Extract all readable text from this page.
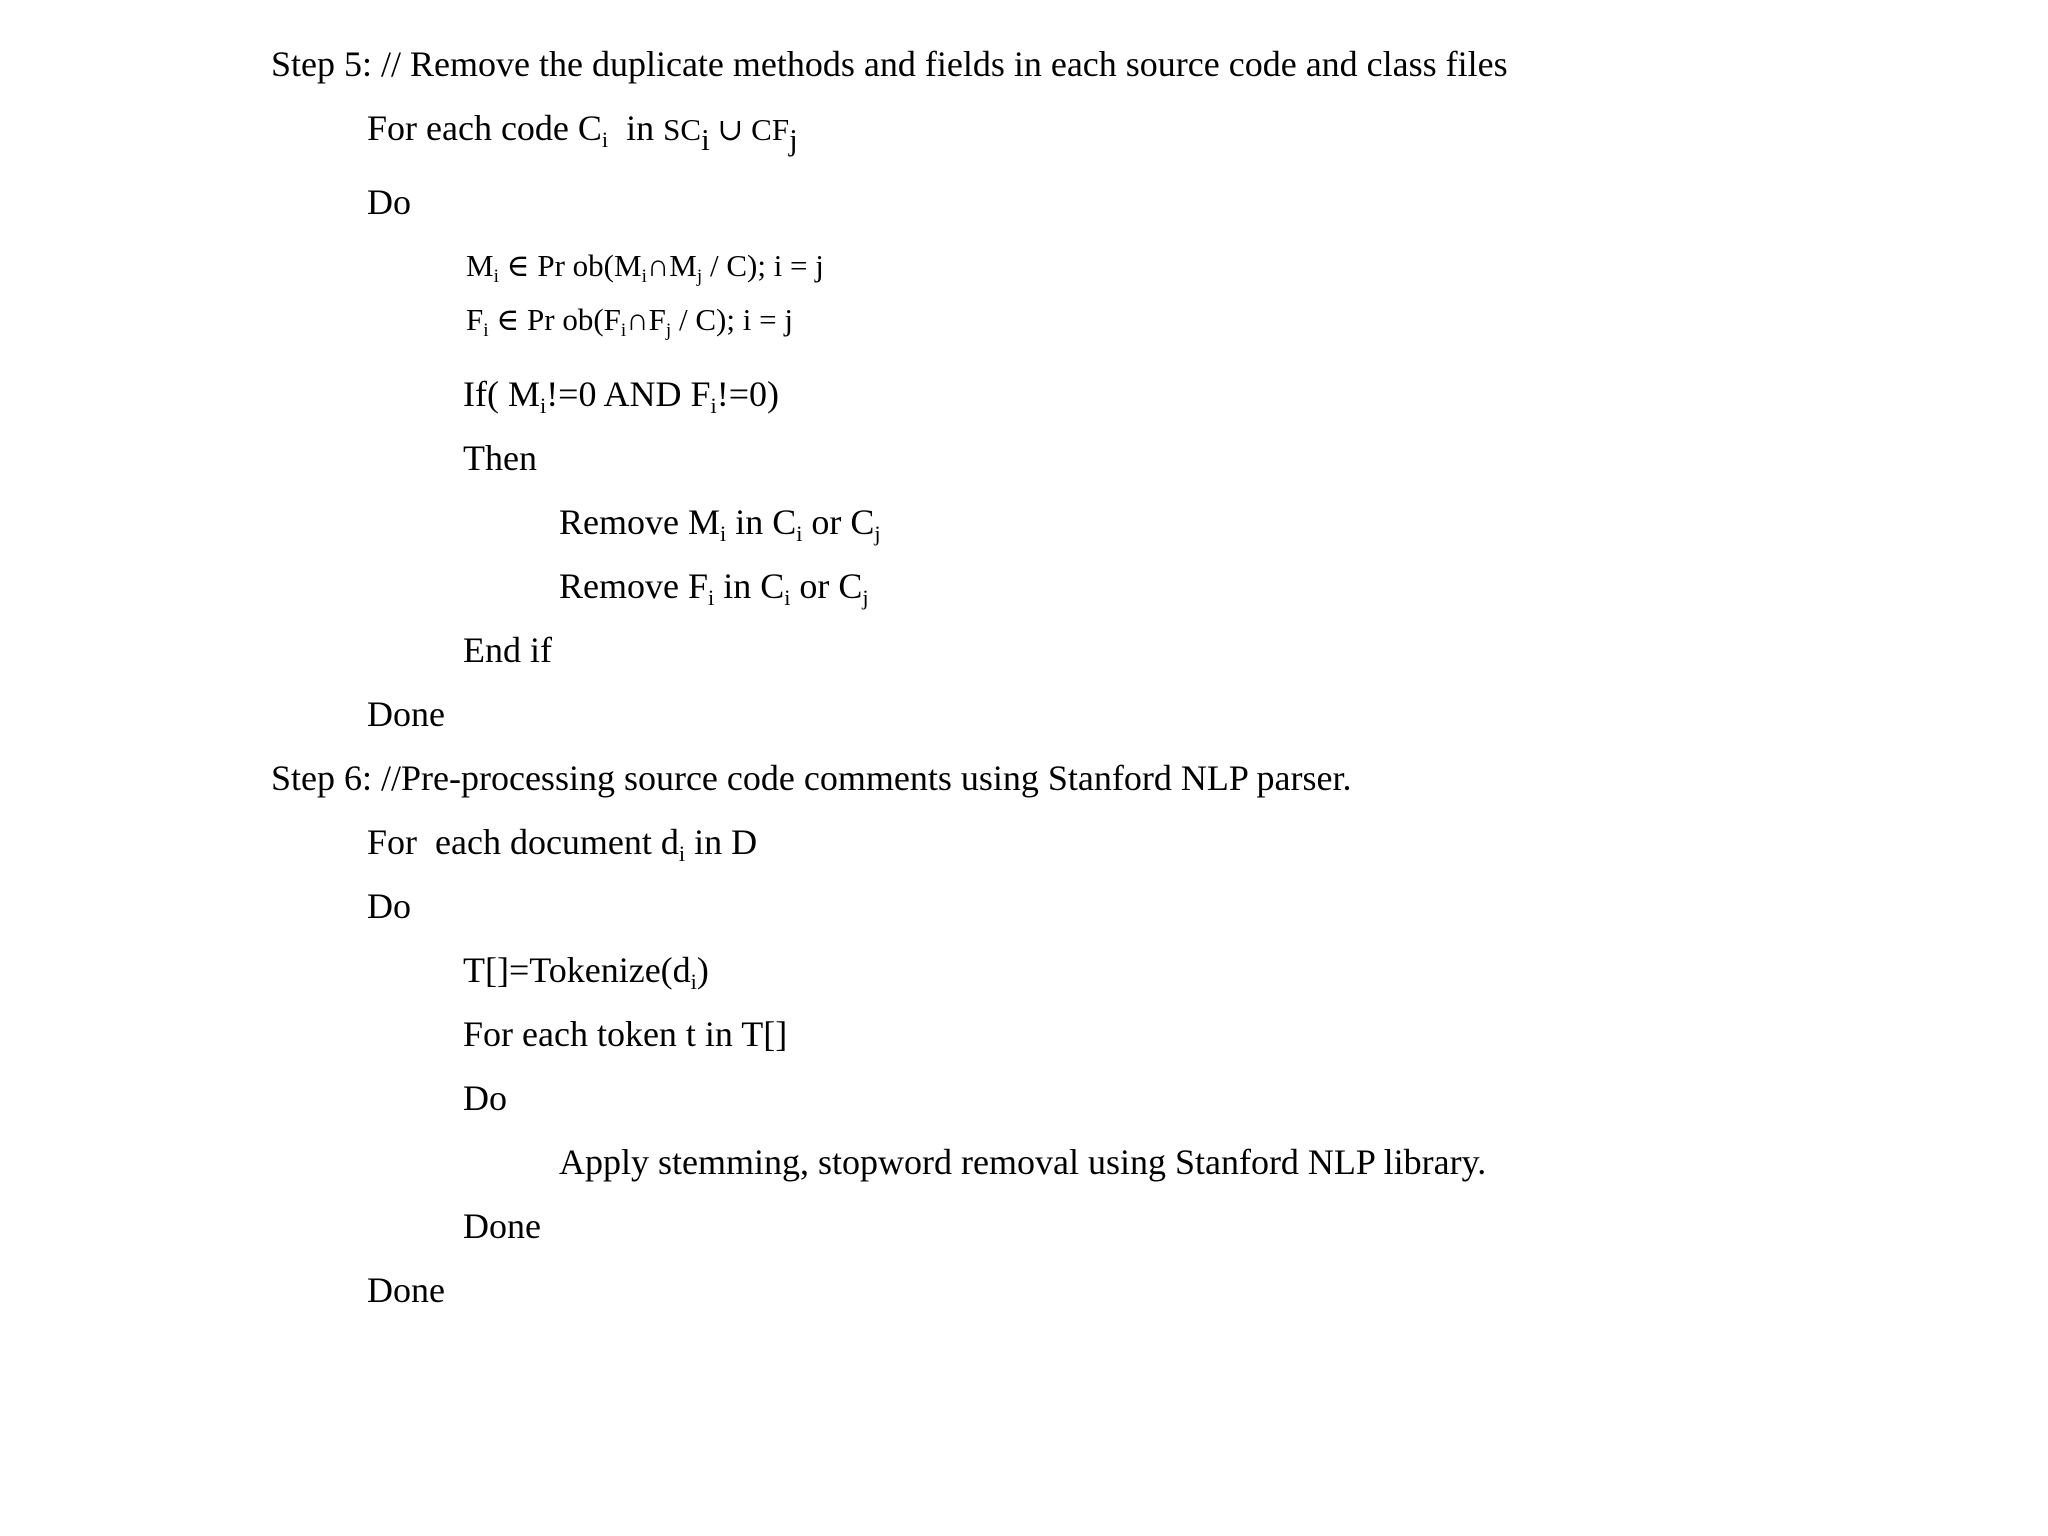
Step 5: // Remove the duplicate methods and fields in each source code and class files
For each code $C_i$  in $SC_i$ ∪ $CF_j$
Do
$M_i$ ∈ Pr $ob(M_i\cap M_j / C)$; i = j
$F_i$ ∈ Pr $ob(F_i\cap F_j / C)$; i = j
If( $M_i!=0$ AND $F_i!=0$)
Then
Remove $M_i$ in $C_i$ or $C_j$
Remove $F_i$ in $C_i$ or $C_j$
End if
Done
Step 6: //Pre-processing source code comments using Stanford NLP parser.
For  each document $d_i$ in D
Do
$T[]=Tokenize(d_i)$
For each token t in T[]
Do
Apply stemming, stopword removal using Stanford NLP library.
Done
Done
